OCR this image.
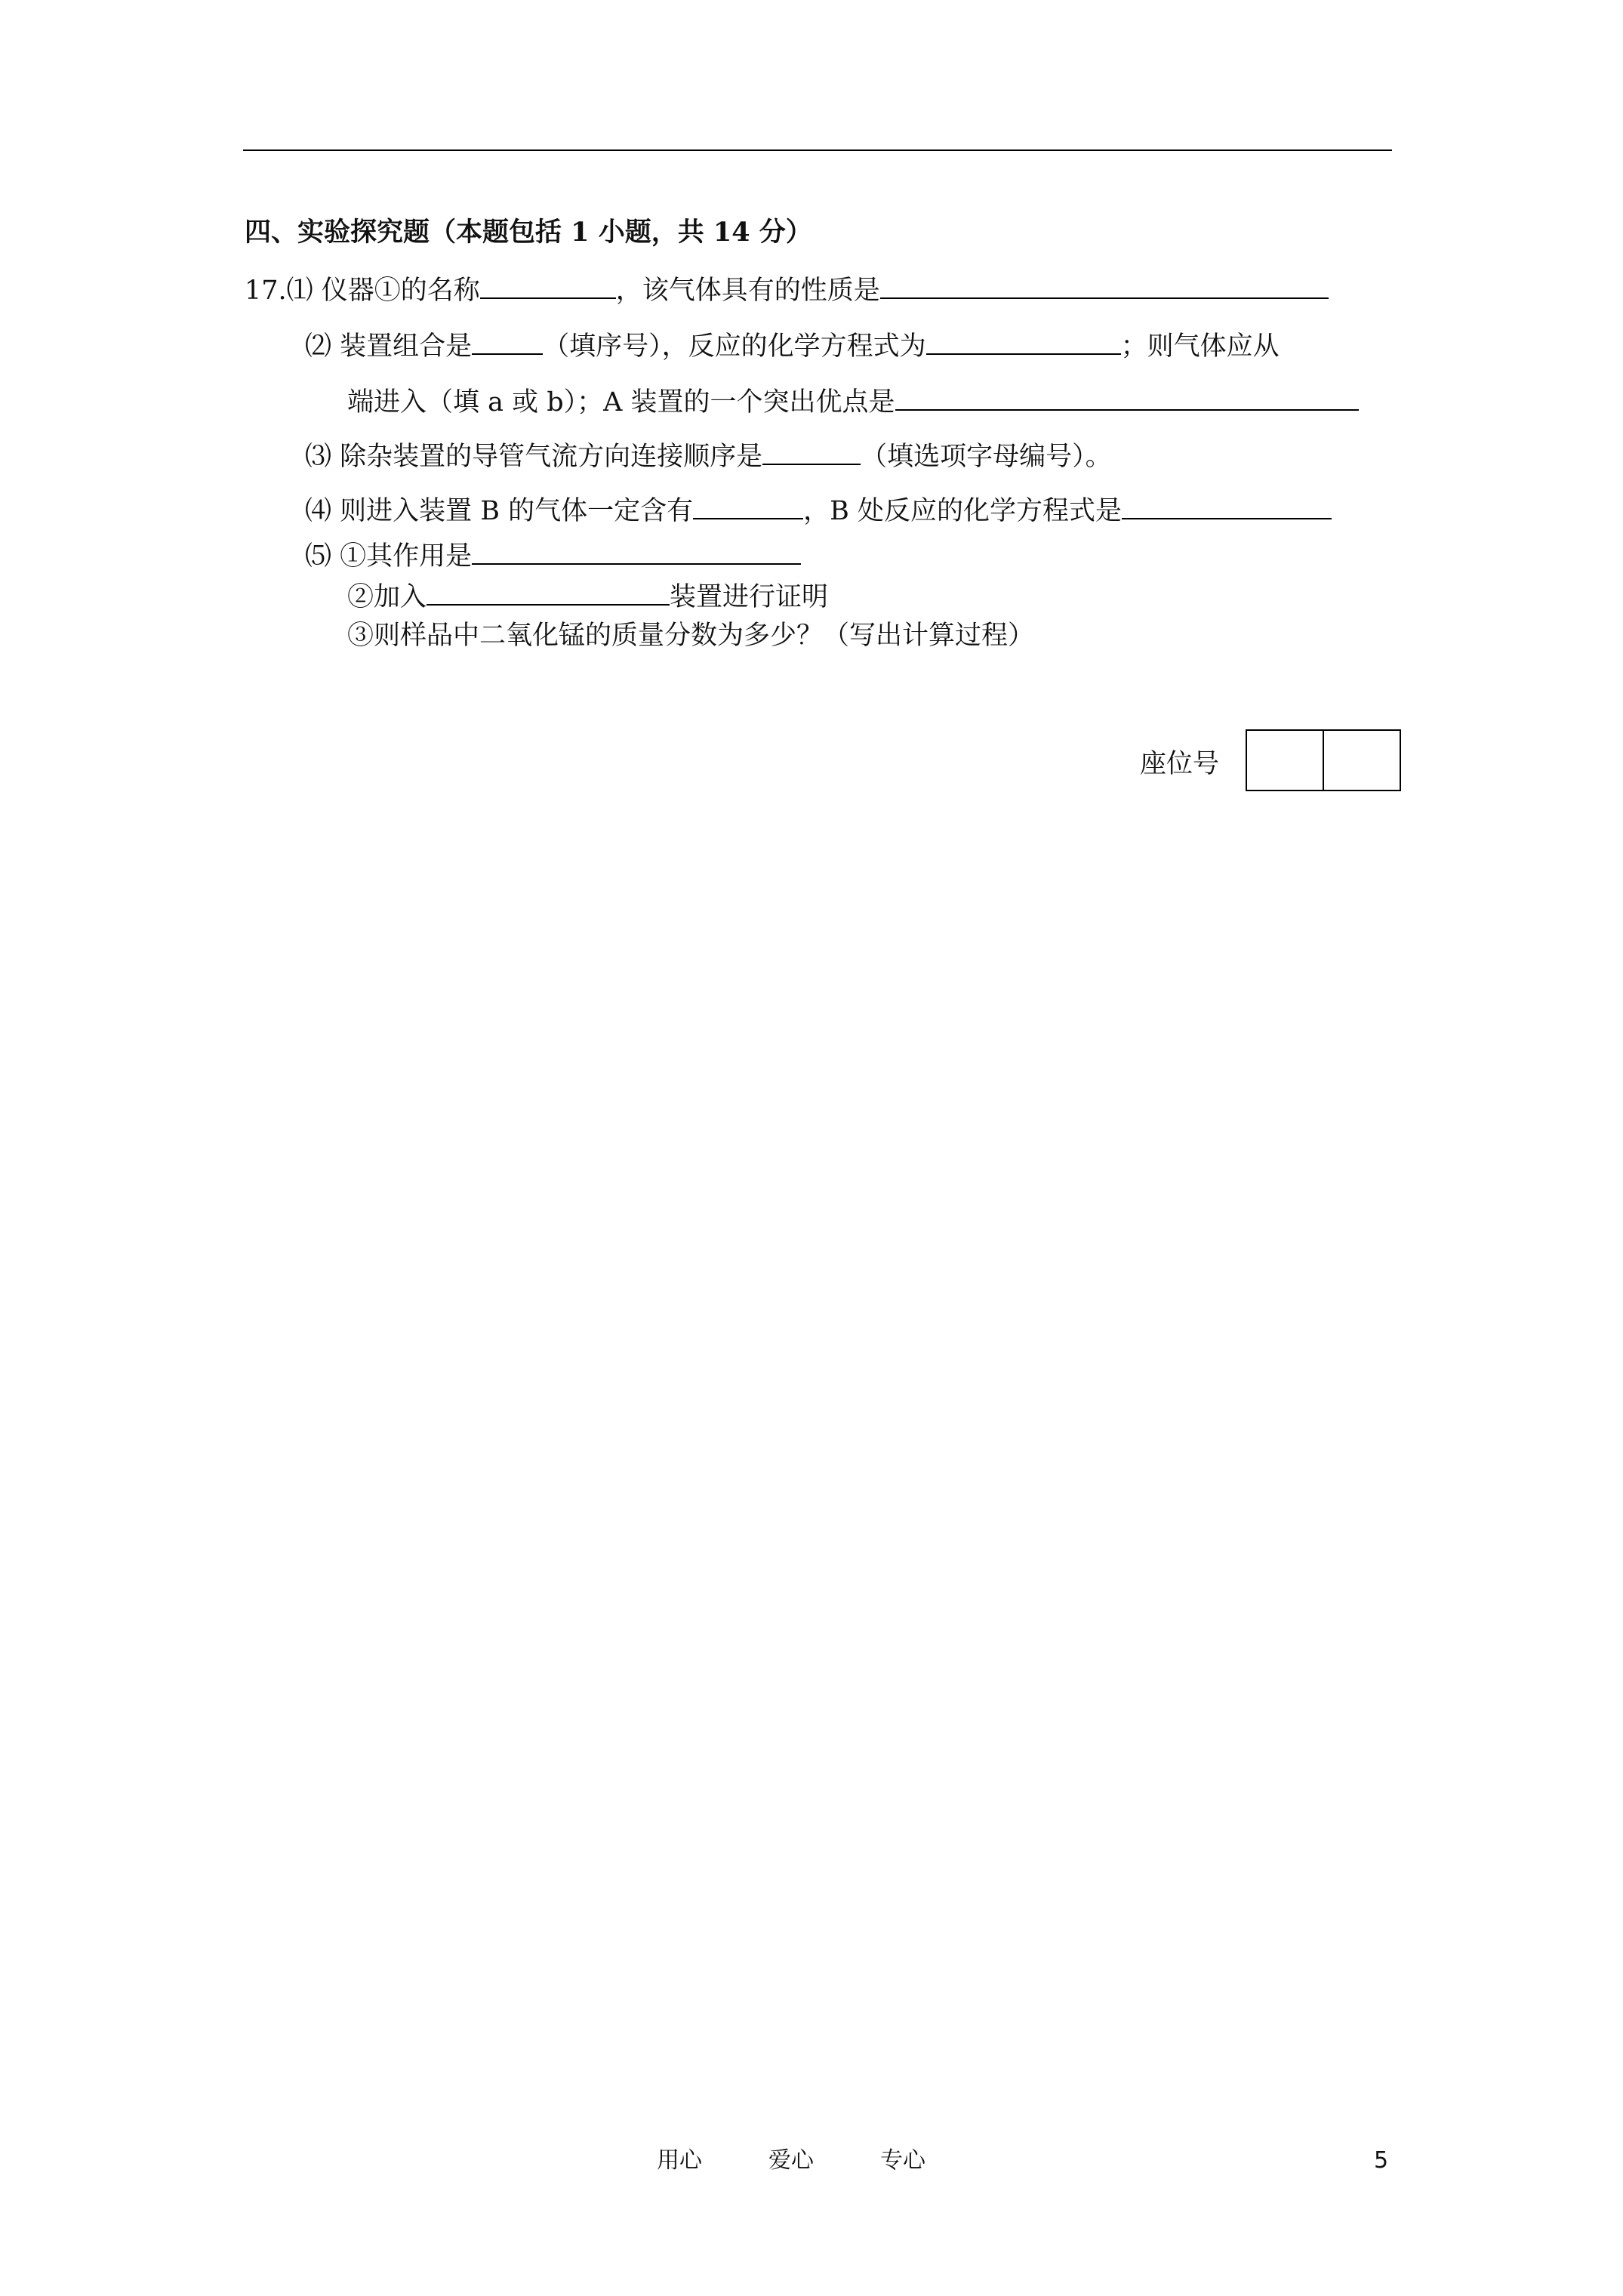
四、实验探究题（本题包括 1 小题，共 14 分）
17.⑴ 仪器①的名称	，该气体具有的性质是
⑵ 装置组合是	（填序号），反应的化学方程式为	；则气体应从
端进入（填 a 或 b）；A 装置的一个突出优点是
⑶ 除杂装置的导管气流方向连接顺序是	（填选项字母编号）。
⑷ 则进入装置 B 的气体一定含有	，B 处反应的化学方程式是
⑸ ①其作用是
②加入	装置进行证明
③则样品中二氧化锰的质量分数为多少？（写出计算过程）
座位号
用心	爱心	专心	5
